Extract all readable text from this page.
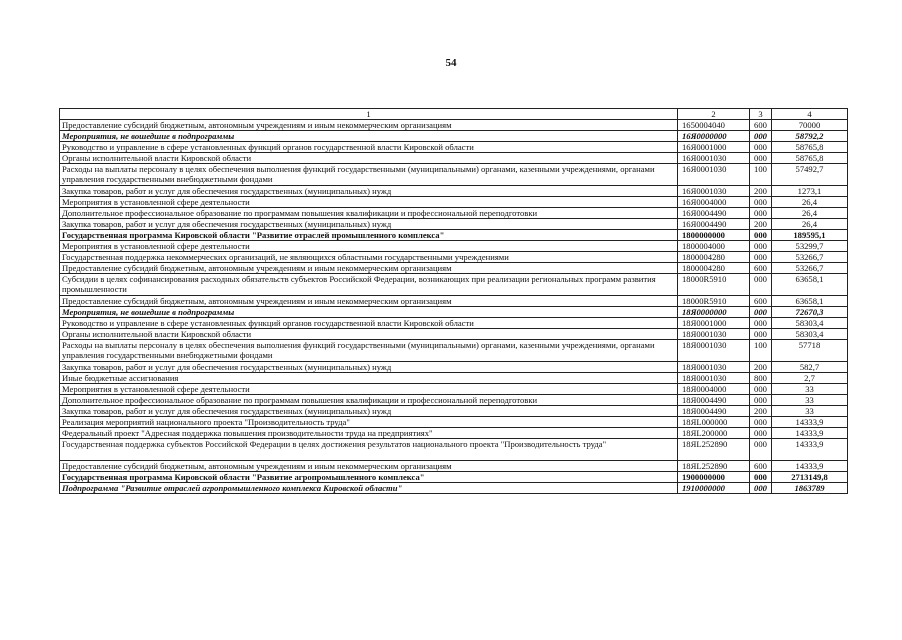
54
1	2	3	4
Предоставление субсидий бюджетным, автономным учреждениям и иным некоммерческим организациям	1650004040	600	70000
Мероприятия, не вошедшие в подпрограммы	16Я0000000	000	58792,2
Руководство и управление в сфере установленных функций органов государственной власти Кировской области	16Я0001000	000	58765,8
Органы исполнительной власти Кировской области	16Я0001030	000	58765,8
Расходы на выплаты персоналу в целях обеспечения выполнения функций государственными (муниципальными) органами, казенными учреждениями, органами управления государственными внебюджетными фондами	16Я0001030	100	57492,7
Закупка товаров, работ и услуг для обеспечения государственных (муниципальных) нужд	16Я0001030	200	1273,1
Мероприятия в установленной сфере деятельности	16Я0004000	000	26,4
Дополнительное профессиональное образование по программам повышения квалификации и профессиональной переподготовки	16Я0004490	000	26,4
Закупка товаров, работ и услуг для обеспечения государственных (муниципальных) нужд	16Я0004490	200	26,4
Государственная программа Кировской области "Развитие отраслей промышленного комплекса"	1800000000	000	189595,1
Мероприятия в установленной сфере деятельности	1800004000	000	53299,7
Государственная поддержка некоммерческих организаций, не являющихся областными государственными учреждениями	1800004280	000	53266,7
Предоставление субсидий бюджетным, автономным учреждениям и иным некоммерческим организациям	1800004280	600	53266,7
Субсидии в целях софинансирования расходных обязательств субъектов Российской Федерации, возникающих при реализации региональных программ развития промышленности	18000R5910	000	63658,1
Предоставление субсидий бюджетным, автономным учреждениям и иным некоммерческим организациям	18000R5910	600	63658,1
Мероприятия, не вошедшие в подпрограммы	18Я0000000	000	72670,3
Руководство и управление в сфере установленных функций органов государственной власти Кировской области	18Я0001000	000	58303,4
Органы исполнительной власти Кировской области	18Я0001030	000	58303,4
Расходы на выплаты персоналу в целях обеспечения выполнения функций государственными (муниципальными) органами, казенными учреждениями, органами управления государственными внебюджетными фондами	18Я0001030	100	57718
Закупка товаров, работ и услуг для обеспечения государственных (муниципальных) нужд	18Я0001030	200	582,7
Иные бюджетные ассигнования	18Я0001030	800	2,7
Мероприятия в установленной сфере деятельности	18Я0004000	000	33
Дополнительное профессиональное образование по программам повышения квалификации и профессиональной переподготовки	18Я0004490	000	33
Закупка товаров, работ и услуг для обеспечения государственных (муниципальных) нужд	18Я0004490	200	33
Реализация мероприятий национального проекта "Производительность труда"	18ЯL000000	000	14333,9
Федеральный проект "Адресная поддержка повышения производительности труда на предприятиях"	18ЯL200000	000	14333,9
Государственная поддержка субъектов Российской Федерации в целях достижения результатов национального проекта "Производительность труда"	18ЯL252890	000	14333,9
Предоставление субсидий бюджетным, автономным учреждениям и иным некоммерческим организациям	18ЯL252890	600	14333,9
Государственная программа Кировской области "Развитие агропромышленного комплекса"	1900000000	000	2713149,8
Подпрограмма "Развитие отраслей агропромышленного комплекса Кировской области"	1910000000	000	1863789
